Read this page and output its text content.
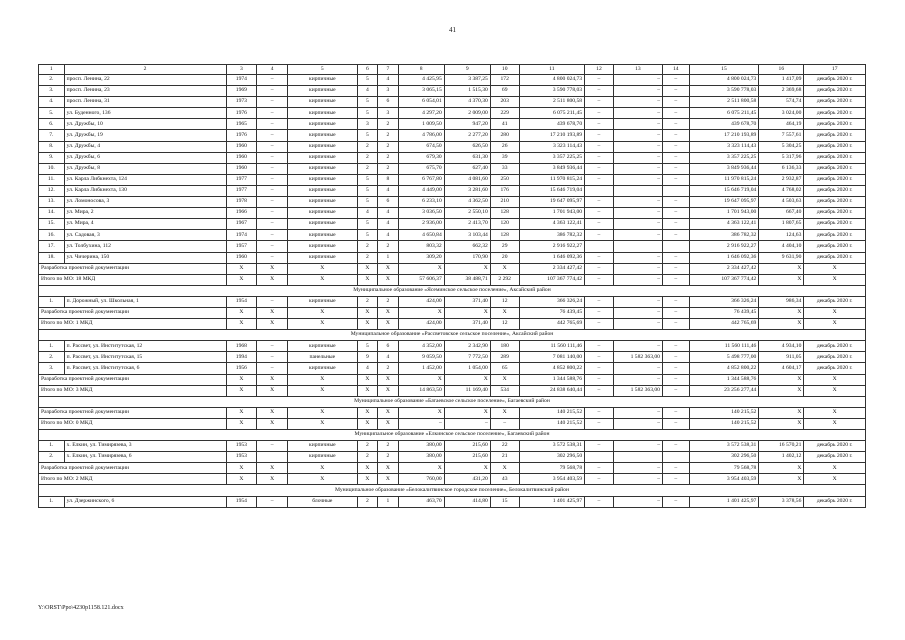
41
1	2	3	4	5	6	7	8	9	10	11	12	13	14	15	16	17
2.	просп. Ленина, 22	1974	–	кирпичные	5	4	4 425,95	3 387,25	172	4 800 024,73	–	–	–	4 800 024,73	1 417,09	декабрь 2020 г.
3.	просп. Ленина, 23	1969	–	кирпичные	4	3	3 065,15	1 515,30	69	3 590 778,03	–	–	–	3 590 778,03	2 369,68	декабрь 2020 г.
4.	просп. Ленина, 31	1973	–	кирпичные	5	6	6 054,01	4 370,30	203	2 511 800,58	–	–	–	2 511 800,58	574,74	декабрь 2020 г.
5.	ул. Буденного, 136	1976	–	кирпичные	5	3	4 297,20	2 009,00	229	6 075 211,45	–	–	–	6 075 211,45	3 024,00	декабрь 2020 г.
6.	ул. Дружбы, 10	1965	–	кирпичные	3	2	1 009,50	947,20	41	439 678,70	–	–	–	439 678,70	464,19	декабрь 2020 г.
7.	ул. Дружбы, 19	1976	–	кирпичные	5	2	4 786,00	2 277,20	280	17 210 193,89	–	–	–	17 210 193,89	7 557,61	декабрь 2020 г.
8.	ул. Дружбы, 4	1960	–	кирпичные	2	2	674,50	626,50	26	3 323 114,43	–	–	–	3 323 114,43	5 304,25	декабрь 2020 г.
9.	ул. Дружбы, 6	1960	–	кирпичные	2	2	679,30	631,30	39	3 357 225,25	–	–	–	3 357 225,25	5 317,96	декабрь 2020 г.
10.	ул. Дружбы, 8	1960	–	кирпичные	2	2	675,70	627,40	33	3 849 936,44	–	–	–	3 849 936,44	6 136,33	декабрь 2020 г.
11.	ул. Карла Либкнехта, 124	1977	–	кирпичные	5	8	6 767,80	4 081,60	250	11 970 815,24	–	–	–	11 970 815,24	2 932,87	декабрь 2020 г.
12.	ул. Карла Либкнехта, 130	1977	–	кирпичные	5	4	4 449,00	3 281,60	176	15 646 719,04				15 646 719,04	4 768,02	декабрь 2020 г.
13.	ул. Ломоносова, 3	1978	–	кирпичные	5	6	6 233,10	4 362,50	210	19 647 095,97	–	–	–	19 647 095,97	4 503,63	декабрь 2020 г.
14.	ул. Мира, 2	1966	–	кирпичные	4	4	3 036,50	2 550,10	128	1 701 943,00	–	–	–	1 701 943,00	667,40	декабрь 2020 г.
15.	ул. Мира, 4	1967	–	кирпичные	5	4	2 936,00	2 413,70	120	4 363 122,41	–	–	–	4 363 122,41	1 807,65	декабрь 2020 г.
16.	ул. Садовая, 3	1974	–	кирпичные	5	4	4 650,84	3 103,44	128	386 782,32	–	–	–	386 782,32	124,63	декабрь 2020 г.
17.	ул. Толбухина, 112	1957	–	кирпичные	2	2	803,32	662,32	29	2 916 922,27				2 916 922,27	4 404,10	декабрь 2020 г.
18.	ул. Чичерина, 150	1960	–	кирпичные	2	1	309,20	170,90	20	1 646 092,36	–	–	–	1 646 092,36	9 631,90	декабрь 2020 г.
Разработка проектной документации		X	X	X	X	X	X	X	X	2 334 427,42	–	–	–	2 334 427,42	X	X
Итого по МО: 18 МКД		X	X	X	X	X	57 606,37	38 488,71	2 292	107 367 774,42	–	–	–	107 367 774,42	X	X
Муниципальное образование «Ясеминское сельское поселение», Аксайский район																
1.	п. Дорожный, ул. Школьная, 1	1954	–	кирпичные	2	2	424,00	371,40	12	366 326,24	–	–	–	366 326,24	986,34	декабрь 2020 г.
Разработка проектной документации		X	X	X	X	X	X	X	X	76 439,45	–	–	–	76 439,45	X	X
Итого по МО: 1 МКД		X	X	X	X	X	424,00	371,40	12	442 765,69	–	–	–	442 765,69	X	X
Муниципальное образование «Рассветовское сельское поселение», Аксайский район																
1.	п. Рассвет, ул. Институтская, 12	1968	–	кирпичные	5	6	4 352,00	2 342,90	180	11 560 111,46	–	–	–	11 560 111,46	4 934,10	декабрь 2020 г.
2.	п. Рассвет, ул. Институтская, 15	1994	–	панельные	9	4	9 059,50	7 772,50	289	7 081 140,00	–	1 582 363,00	–	5 498 777,00	911,05	декабрь 2020 г.
3.	п. Рассвет, ул. Институтская, 6	1956	–	кирпичные	4	2	1 452,00	1 054,00	65	4 852 800,22	–	–	–	4 852 800,22	4 604,17	декабрь 2020 г.
Разработка проектной документации		X	X	X	X	X	X	X	X	1 344 588,76	–	–	–	1 344 588,76	X	X
Итого по МО: 3 МКД		X	X	X	X	X	14 863,50	11 169,40	534	24 838 640,44	–	1 582 363,00	–	23 256 277,44	X	X
Муниципальное образование «Батаевское сельское поселение», Багаевский район																
Разработка проектной документации		X	X	X	X	X	X	X	X	140 215,52	–	–	–	140 215,52	X	X
Итого по МО: 0 МКД		X	X	X	X	X	–	–	–	140 215,52	–	–	–	140 215,52	X	X
Муниципальное образование «Елкинское сельское поселение», Багаевский район																
1.	х. Елкин, ул. Тимирязева, 3	1953	–	кирпичные	2	2	380,00	215,60	22	3 572 538,31	–	–	–	3 572 538,31	16 570,21	декабрь 2020 г.
2.	х. Елкин, ул. Тимирязева, 6	1953		кирпичные	2	2	380,00	215,60	21	302 296,50				302 296,50	1 402,12	декабрь 2020 г.
Разработка проектной документации		X	X	X	X	X	X	X	X	79 568,78	–	–	–	79 568,78	X	X
Итого по МО: 2 МКД		X	X	X	X	X	760,00	431,20	43	3 954 403,59	–	–	–	3 954 403,59	X	X
Муниципальное образование «Белокалитвинское городское поселение», Белокалитвинский район																
1.	ул. Дзержинского, 6	1954	–	блочные	2	1	463,70	414,80	15	1 401 425,97	–	–	–	1 401 425,97	3 378,56	декабрь 2020 г.
Y:\ORST\Ppo\4230p1158.121.docx
